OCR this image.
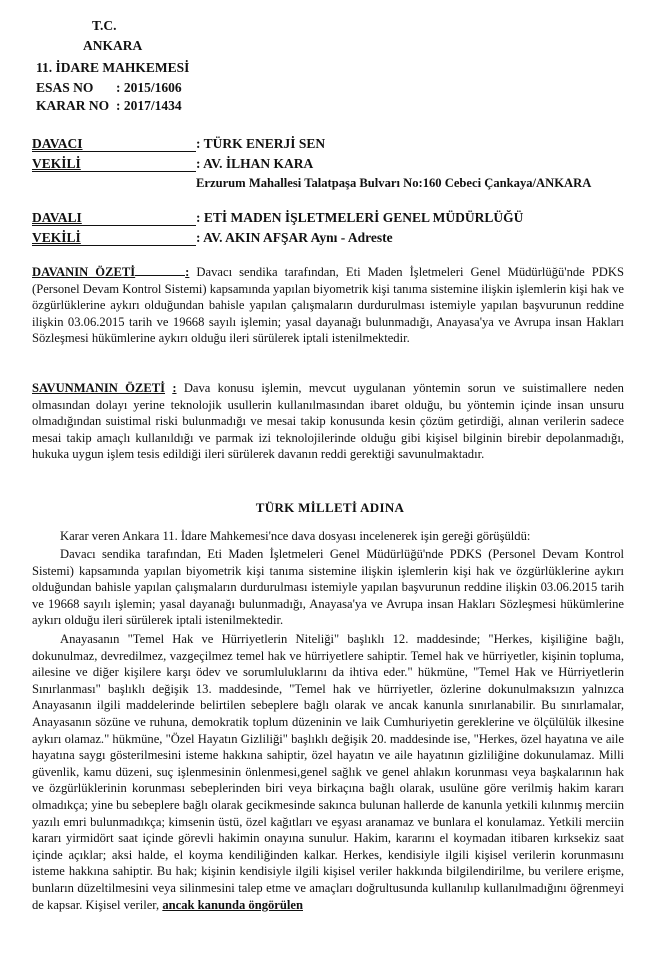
T.C.
ANKARA
11. İDARE MAHKEMESİ
ESAS NO : 2015/1606
KARAR NO : 2017/1434
DAVACI	: TÜRK ENERJİ SEN
VEKİLİ	: AV. İLHAN KARA
Erzurum Mahallesi Talatpaşa Bulvarı No:160 Cebeci Çankaya/ANKARA
DAVALI	: ETİ MADEN İŞLETMELERİ GENEL MÜDÜRLÜĞÜ
VEKİLİ	: AV. AKIN AFŞAR Aynı - Adreste

DAVANIN ÖZETİ	: Davacı sendika tarafından, Eti Maden İşletmeleri Genel Müdürlüğü'nde PDKS (Personel Devam Kontrol Sistemi) kapsamında yapılan biyometrik kişi tanıma sistemine ilişkin işlemlerin kişi hak ve özgürlüklerine aykırı olduğundan bahisle yapılan çalışmaların durdurulması istemiyle yapılan başvurunun reddine ilişkin 03.06.2015 tarih ve 19668 sayılı işlemin; yasal dayanağı bulunmadığı, Anayasa'ya ve Avrupa insan Hakları Sözleşmesi hükümlerine aykırı olduğu ileri sürülerek iptali istenilmektedir.

SAVUNMANIN ÖZETİ : Dava konusu işlemin, mevcut uygulanan yöntemin sorun ve suistimallere neden olmasından dolayı yerine teknolojik usullerin kullanılmasından ibaret olduğu, bu yöntemin içinde insan unsuru olmadığından suistimal riski bulunmadığı ve mesai takip konusunda kesin çözüm getirdiği, alınan verilerin sadece mesai takip amaçlı kullanıldığı ve parmak izi teknolojilerinde olduğu gibi kişisel bilginin birebir depolanmadığı, hukuka uygun işlem tesis edildiği ileri sürülerek davanın reddi gerektiği savunulmaktadır.

TÜRK MİLLETİ ADINA

Karar veren Ankara 11. İdare Mahkemesi'nce dava dosyası incelenerek işin gereği görüşüldü:

Davacı sendika tarafından, Eti Maden İşletmeleri Genel Müdürlüğü'nde PDKS (Personel Devam Kontrol Sistemi) kapsamında yapılan biyometrik kişi tanıma sistemine ilişkin işlemlerin kişi hak ve özgürlüklerine aykırı olduğundan bahisle yapılan çalışmaların durdurulması istemiyle yapılan başvurunun reddine ilişkin 03.06.2015 tarih ve 19668 sayılı işlemin; yasal dayanağı bulunmadığı, Anayasa'ya ve Avrupa insan Hakları Sözleşmesi hükümlerine aykırı olduğu ileri sürülerek iptali istenilmektedir.

Anayasanın "Temel Hak ve Hürriyetlerin Niteliği" başlıklı 12. maddesinde; "Herkes, kişiliğine bağlı, dokunulmaz, devredilmez, vazgeçilmez temel hak ve hürriyetlere sahiptir. Temel hak ve hürriyetler, kişinin topluma, ailesine ve diğer kişilere karşı ödev ve sorumluluklarını da ihtiva eder." hükmüne, "Temel Hak ve Hürriyetlerin Sınırlanması" başlıklı değişik 13. maddesinde, "Temel hak ve hürriyetler, özlerine dokunulmaksızın yalnızca Anayasanın ilgili maddelerinde belirtilen sebeplere bağlı olarak ve ancak kanunla sınırlanabilir. Bu sınırlamalar, Anayasanın sözüne ve ruhuna, demokratik toplum düzeninin ve laik Cumhuriyetin gereklerine ve ölçülülük ilkesine aykırı olamaz." hükmüne, "Özel Hayatın Gizliliği" başlıklı değişik 20. maddesinde ise, "Herkes, özel hayatına ve aile hayatına saygı gösterilmesini isteme hakkına sahiptir, özel hayatın ve aile hayatının gizliliğine dokunulamaz. Milli güvenlik, kamu düzeni, suç işlenmesinin önlenmesi,genel sağlık ve genel ahlakın korunması veya başkalarının hak ve özgürlüklerinin korunması sebeplerinden biri veya birkaçına bağlı olarak, usulüne göre verilmiş hakim kararı olmadıkça; yine bu sebeplere bağlı olarak gecikmesinde sakınca bulunan hallerde de kanunla yetkili kılınmış merciin yazılı emri bulunmadıkça; kimsenin üstü, özel kağıtları ve eşyası aranamaz ve bunlara el konulamaz. Yetkili merciin kararı yirmidört saat içinde görevli hakimin onayına sunulur. Hakim, kararını el koymadan itibaren kırksekiz saat içinde açıklar; aksi halde, el koyma kendiliğinden kalkar. Herkes, kendisiyle ilgili kişisel verilerin korunmasını isteme hakkına sahiptir. Bu hak; kişinin kendisiyle ilgili kişisel veriler hakkında bilgilendirilme, bu verilere erişme, bunların düzeltilmesini veya silinmesini talep etme ve amaçları doğrultusunda kullanılıp kullanılmadığını öğrenmeyi de kapsar. Kişisel veriler, ancak kanunda öngörülen
